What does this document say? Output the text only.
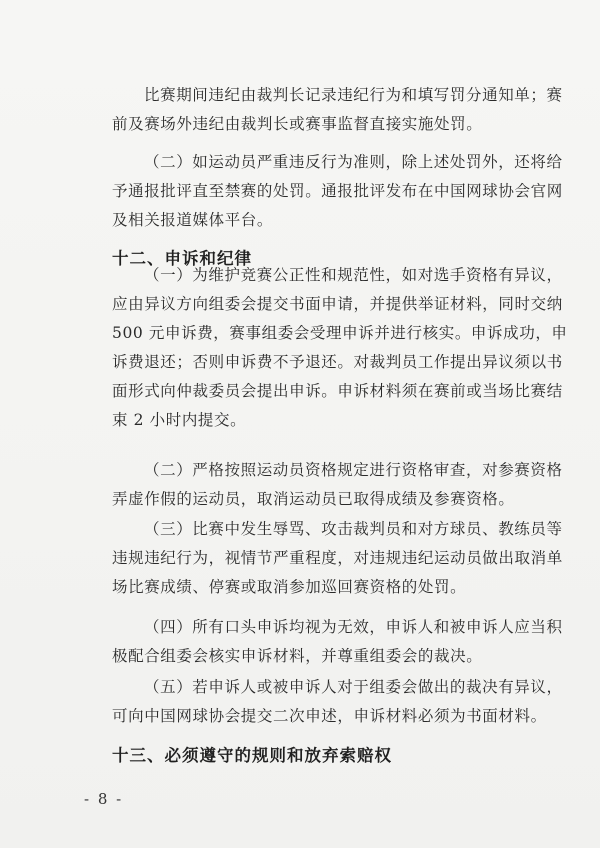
比赛期间违纪由裁判长记录违纪行为和填写罚分通知单；赛
前及赛场外违纪由裁判长或赛事监督直接实施处罚。
（二）如运动员严重违反行为准则，除上述处罚外，还将给
予通报批评直至禁赛的处罚。通报批评发布在中国网球协会官网
及相关报道媒体平台。
十二、申诉和纪律
（一）为维护竞赛公正性和规范性，如对选手资格有异议，
应由异议方向组委会提交书面申请，并提供举证材料，同时交纳
500 元申诉费，赛事组委会受理申诉并进行核实。申诉成功，申
诉费退还；否则申诉费不予退还。对裁判员工作提出异议须以书
面形式向仲裁委员会提出申诉。申诉材料须在赛前或当场比赛结
束 2 小时内提交。
（二）严格按照运动员资格规定进行资格审查，对参赛资格
弄虚作假的运动员，取消运动员已取得成绩及参赛资格。
（三）比赛中发生辱骂、攻击裁判员和对方球员、教练员等
违规违纪行为，视情节严重程度，对违规违纪运动员做出取消单
场比赛成绩、停赛或取消参加巡回赛资格的处罚。
（四）所有口头申诉均视为无效，申诉人和被申诉人应当积
极配合组委会核实申诉材料，并尊重组委会的裁决。
（五）若申诉人或被申诉人对于组委会做出的裁决有异议，
可向中国网球协会提交二次申述，申诉材料必须为书面材料。
十三、必须遵守的规则和放弃索赔权
- 8 -
